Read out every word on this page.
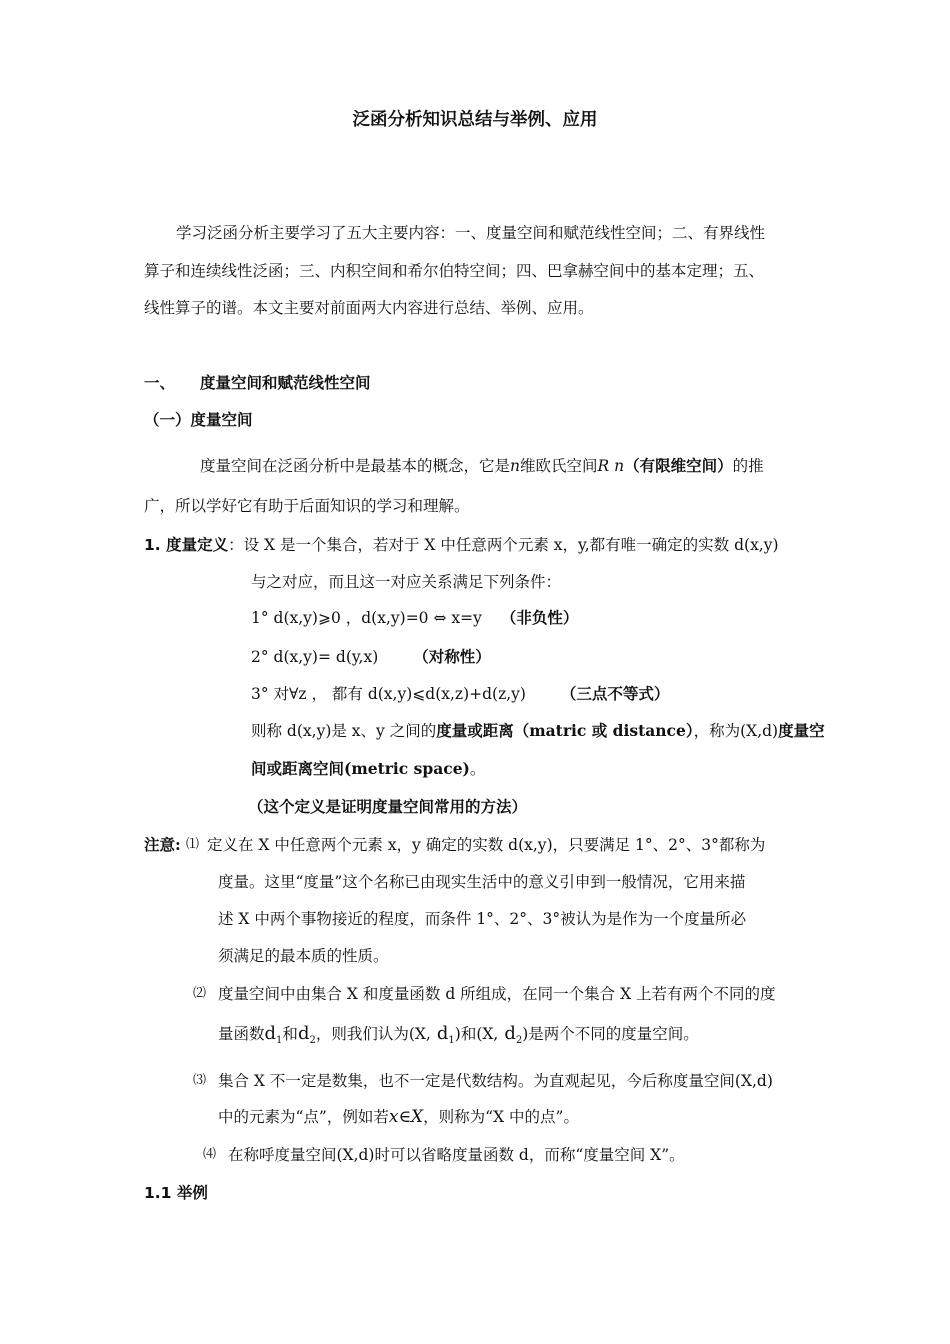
泛函分析知识总结与举例、应用
学习泛函分析主要学习了五大主要内容：一、度量空间和赋范线性空间；二、有界线性
算子和连续线性泛函；三、内积空间和希尔伯特空间；四、巴拿赫空间中的基本定理；五、
线性算子的谱。本文主要对前面两大内容进行总结、举例、应用。
一、 度量空间和赋范线性空间
（一）度量空间
度量空间在泛函分析中是最基本的概念，它是n维欧氏空间R n（有限维空间）的推
广，所以学好它有助于后面知识的学习和理解。
1. 度量定义：设 X 是一个集合，若对于 X 中任意两个元素 x，y,都有唯一确定的实数 d(x,y)
与之对应，而且这一对应关系满足下列条件：
1° d(x,y)⩾0 ，d(x,y)=0 ⇔ x=y （非负性）
2° d(x,y)= d(y,x) （对称性）
3° 对∀z ， 都有 d(x,y)⩽d(x,z)+d(z,y) （三点不等式）
则称 d(x,y)是 x、y 之间的度量或距离（matric 或 distance），称为(X,d)度量空
间或距离空间(metric space)。
（这个定义是证明度量空间常用的方法）
注意: ⑴ 定义在 X 中任意两个元素 x，y 确定的实数 d(x,y)，只要满足 1°、2°、3°都称为
度量。这里“度量”这个名称已由现实生活中的意义引申到一般情况，它用来描
述 X 中两个事物接近的程度，而条件 1°、2°、3°被认为是作为一个度量所必
须满足的最本质的性质。
⑵ 度量空间中由集合 X 和度量函数 d 所组成，在同一个集合 X 上若有两个不同的度
量函数$d_1$和$d_2$，则我们认为(X, $d_1$)和(X, $d_2$)是两个不同的度量空间。
⑶ 集合 X 不一定是数集，也不一定是代数结构。为直观起见，今后称度量空间(X,d)
中的元素为“点”，例如若x∈X，则称为“X 中的点”。
⑷ 在称呼度量空间(X,d)时可以省略度量函数 d，而称“度量空间 X”。
1.1 举例
